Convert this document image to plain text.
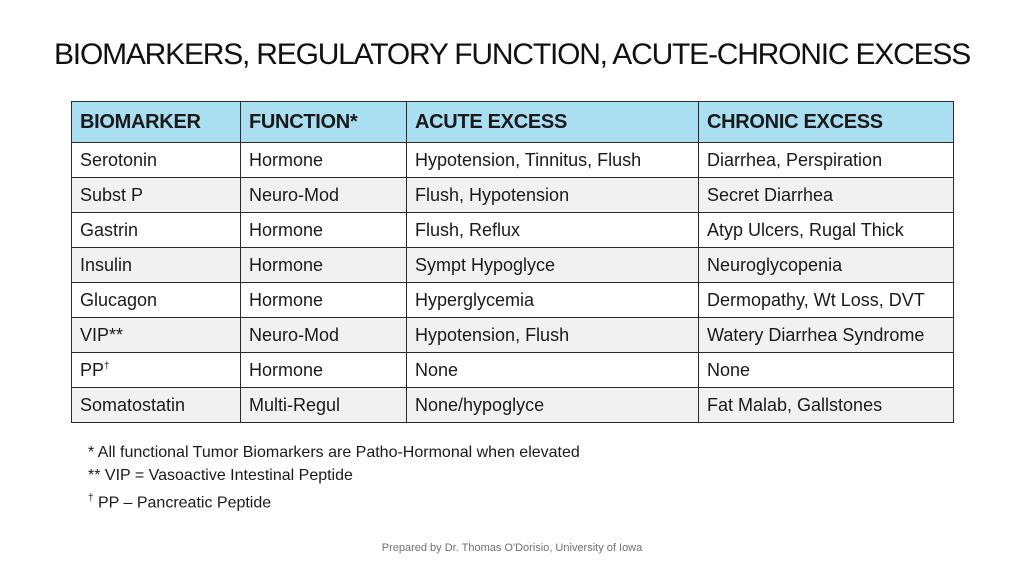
BIOMARKERS, REGULATORY FUNCTION, ACUTE-CHRONIC EXCESS
BIOMARKER	FUNCTION*	ACUTE EXCESS	CHRONIC EXCESS
Serotonin	Hormone	Hypotension, Tinnitus, Flush	Diarrhea, Perspiration
Subst P	Neuro-Mod	Flush, Hypotension	Secret Diarrhea
Gastrin	Hormone	Flush, Reflux	Atyp Ulcers, Rugal Thick
Insulin	Hormone	Sympt Hypoglyce	Neuroglycopenia
Glucagon	Hormone	Hyperglycemia	Dermopathy, Wt Loss, DVT
VIP**	Neuro-Mod	Hypotension, Flush	Watery Diarrhea Syndrome
PP†	Hormone	None	None
Somatostatin	Multi-Regul	None/hypoglyce	Fat Malab, Gallstones
* All functional Tumor Biomarkers are Patho-Hormonal when elevated
** VIP = Vasoactive Intestinal Peptide
† PP – Pancreatic Peptide
Prepared by Dr. Thomas O'Dorisio, University of Iowa
